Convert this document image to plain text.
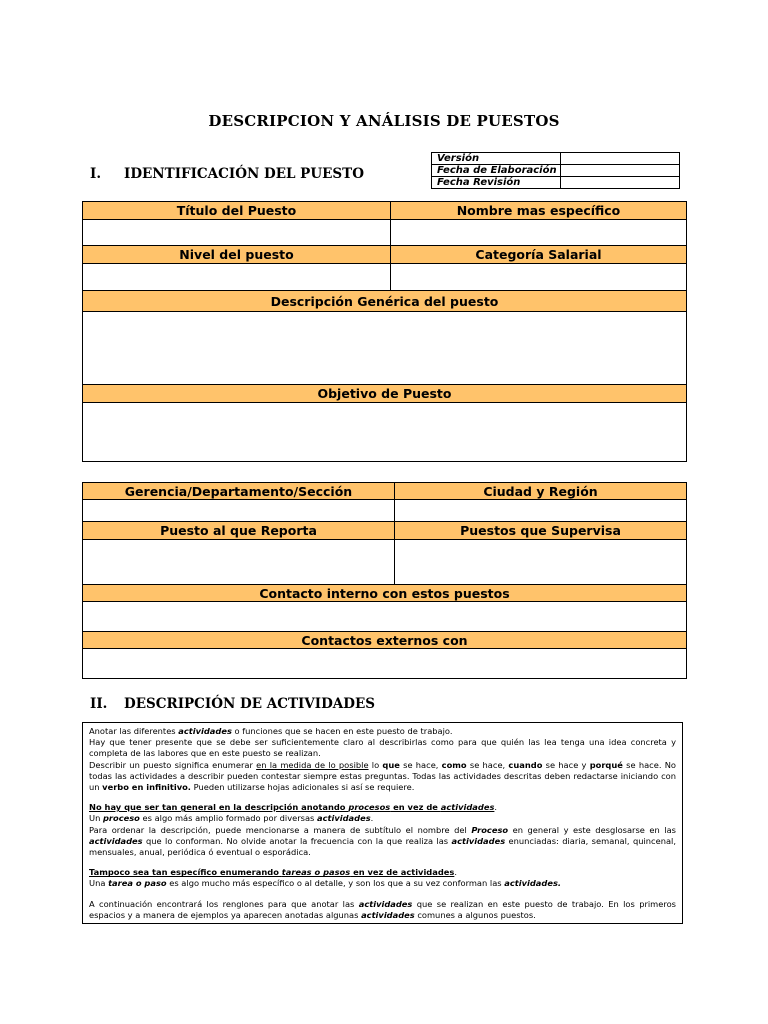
DESCRIPCION Y ANÁLISIS DE PUESTOS
I. IDENTIFICACIÓN DEL PUESTO
Versión	
Fecha de Elaboración	
Fecha Revisión	
Título del Puesto	Nombre mas específico

Nivel del puesto	Categoría Salarial

Descripción Genérica del puesto	

Objetivo de Puesto	

Gerencia/Departamento/Sección	Ciudad y Región

Puesto al que Reporta	Puestos que Supervisa

Contacto interno con estos puestos	

Contactos externos con	

II. DESCRIPCIÓN DE ACTIVIDADES

Anotar las diferentes actividades o funciones que se hacen en este puesto de trabajo.

Hay que tener presente que se debe ser suficientemente claro al describirlas como para que quién las lea tenga una idea concreta y completa de las labores que en este puesto se realizan.

Describir un puesto significa enumerar en la medida de lo posible lo que se hace, como se hace, cuando se hace y porqué se hace. No todas las actividades a describir pueden contestar siempre estas preguntas. Todas las actividades descritas deben redactarse iniciando con un verbo en infinitivo. Pueden utilizarse hojas adicionales si así se requiere.

No hay que ser tan general en la descripción anotando procesos en vez de actividades.

Un proceso es algo más amplio formado por diversas actividades.

Para ordenar la descripción, puede mencionarse a manera de subtítulo el nombre del Proceso en general y este desglosarse en las actividades que lo conforman. No olvide anotar la frecuencia con la que realiza las actividades enunciadas: diaria, semanal, quincenal, mensuales, anual, periódica ó eventual o esporádica.

Tampoco sea tan específico enumerando tareas o pasos en vez de actividades.

Una tarea o paso es algo mucho más específico o al detalle, y son los que a su vez conforman las actividades.

A continuación encontrará los renglones para que anotar las actividades que se realizan en este puesto de trabajo. En los primeros espacios y a manera de ejemplos ya aparecen anotadas algunas actividades comunes a algunos puestos.
